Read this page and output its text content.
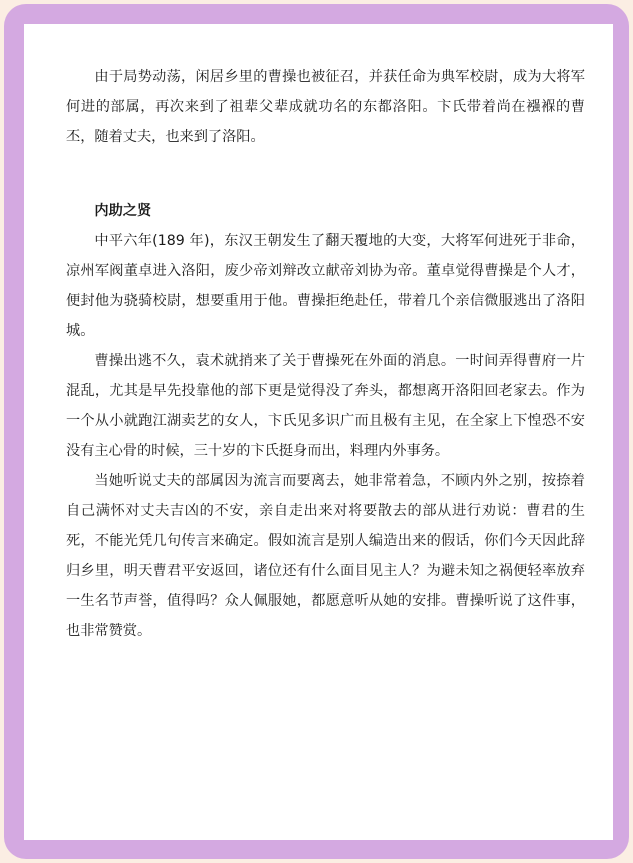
由于局势动荡，闲居乡里的曹操也被征召，并获任命为典军校尉，成为大将军何进的部属，再次来到了祖辈父辈成就功名的东都洛阳。卞氏带着尚在襁褓的曹丕，随着丈夫，也来到了洛阳。

内助之贤

中平六年(189 年)，东汉王朝发生了翻天覆地的大变，大将军何进死于非命，凉州军阀董卓进入洛阳，废少帝刘辩改立献帝刘协为帝。董卓觉得曹操是个人才，便封他为骁骑校尉，想要重用于他。曹操拒绝赴任，带着几个亲信微服逃出了洛阳城。

曹操出逃不久，袁术就捎来了关于曹操死在外面的消息。一时间弄得曹府一片混乱，尤其是早先投靠他的部下更是觉得没了奔头，都想离开洛阳回老家去。作为一个从小就跑江湖卖艺的女人，卞氏见多识广而且极有主见，在全家上下惶恐不安没有主心骨的时候，三十岁的卞氏挺身而出，料理内外事务。

当她听说丈夫的部属因为流言而要离去，她非常着急，不顾内外之别，按捺着自己满怀对丈夫吉凶的不安，亲自走出来对将要散去的部从进行劝说：曹君的生死，不能光凭几句传言来确定。假如流言是别人编造出来的假话，你们今天因此辞归乡里，明天曹君平安返回，诸位还有什么面目见主人？为避未知之祸便轻率放弃一生名节声誉，值得吗？众人佩服她，都愿意听从她的安排。曹操听说了这件事，也非常赞赏。
